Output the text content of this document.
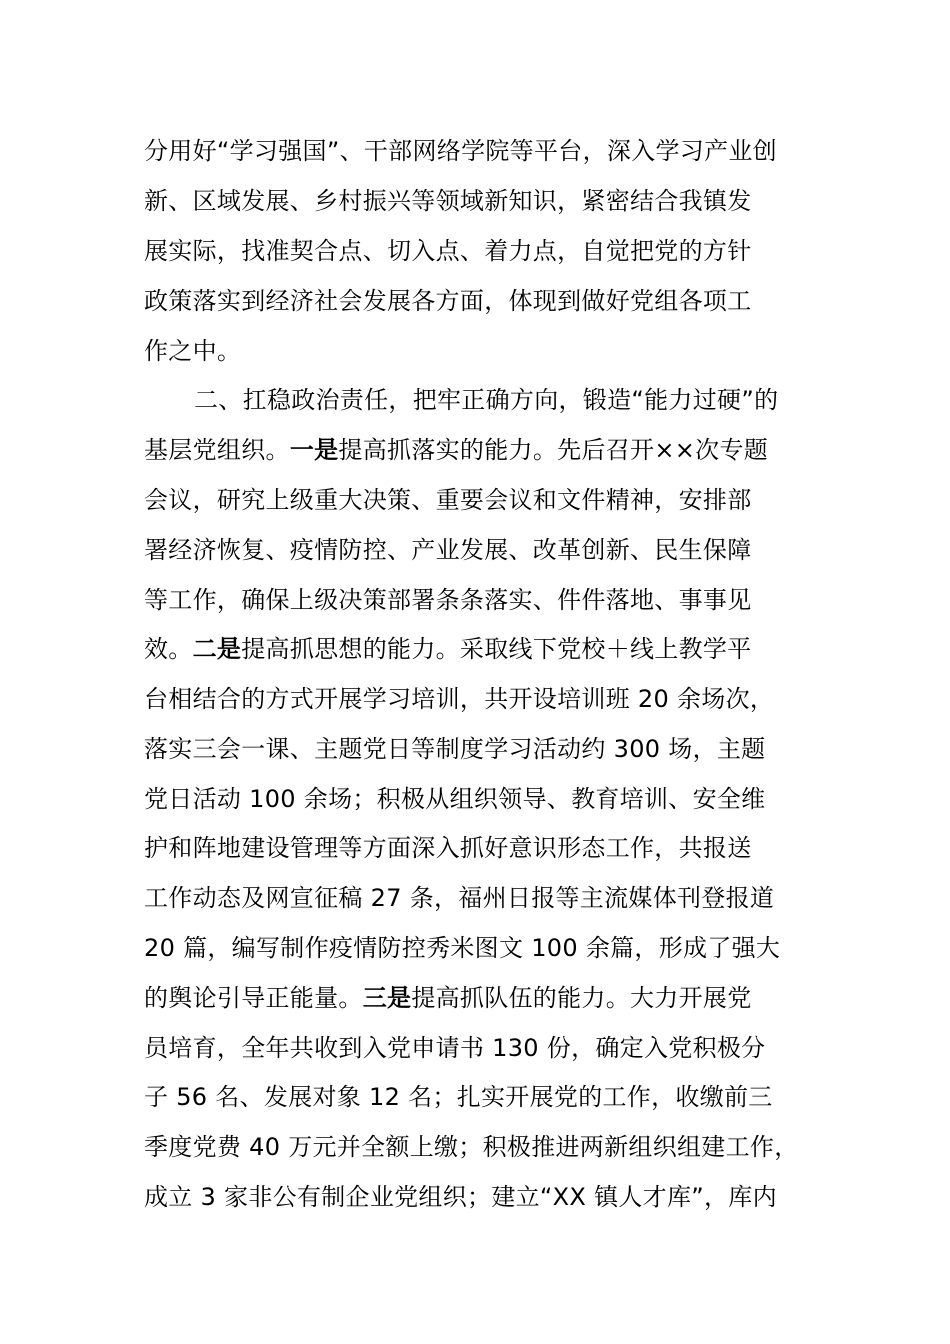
分用好“学习强国”、干部网络学院等平台，深入学习产业创
新、区域发展、乡村振兴等领域新知识，紧密结合我镇发
展实际，找准契合点、切入点、着力点，自觉把党的方针
政策落实到经济社会发展各方面，体现到做好党组各项工
作之中。
二、扛稳政治责任，把牢正确方向，锻造“能力过硬”的
基层党组织。一是提高抓落实的能力。先后召开××次专题
会议，研究上级重大决策、重要会议和文件精神，安排部
署经济恢复、疫情防控、产业发展、改革创新、民生保障
等工作，确保上级决策部署条条落实、件件落地、事事见
效。二是提高抓思想的能力。采取线下党校＋线上教学平
台相结合的方式开展学习培训，共开设培训班 20 余场次，
落实三会一课、主题党日等制度学习活动约 300 场，主题
党日活动 100 余场；积极从组织领导、教育培训、安全维
护和阵地建设管理等方面深入抓好意识形态工作，共报送
工作动态及网宣征稿 27 条，福州日报等主流媒体刊登报道
20 篇，编写制作疫情防控秀米图文 100 余篇，形成了强大
的舆论引导正能量。三是提高抓队伍的能力。大力开展党
员培育，全年共收到入党申请书 130 份，确定入党积极分
子 56 名、发展对象 12 名；扎实开展党的工作，收缴前三
季度党费 40 万元并全额上缴；积极推进两新组织组建工作，
成立 3 家非公有制企业党组织；建立“XX 镇人才库”，库内
